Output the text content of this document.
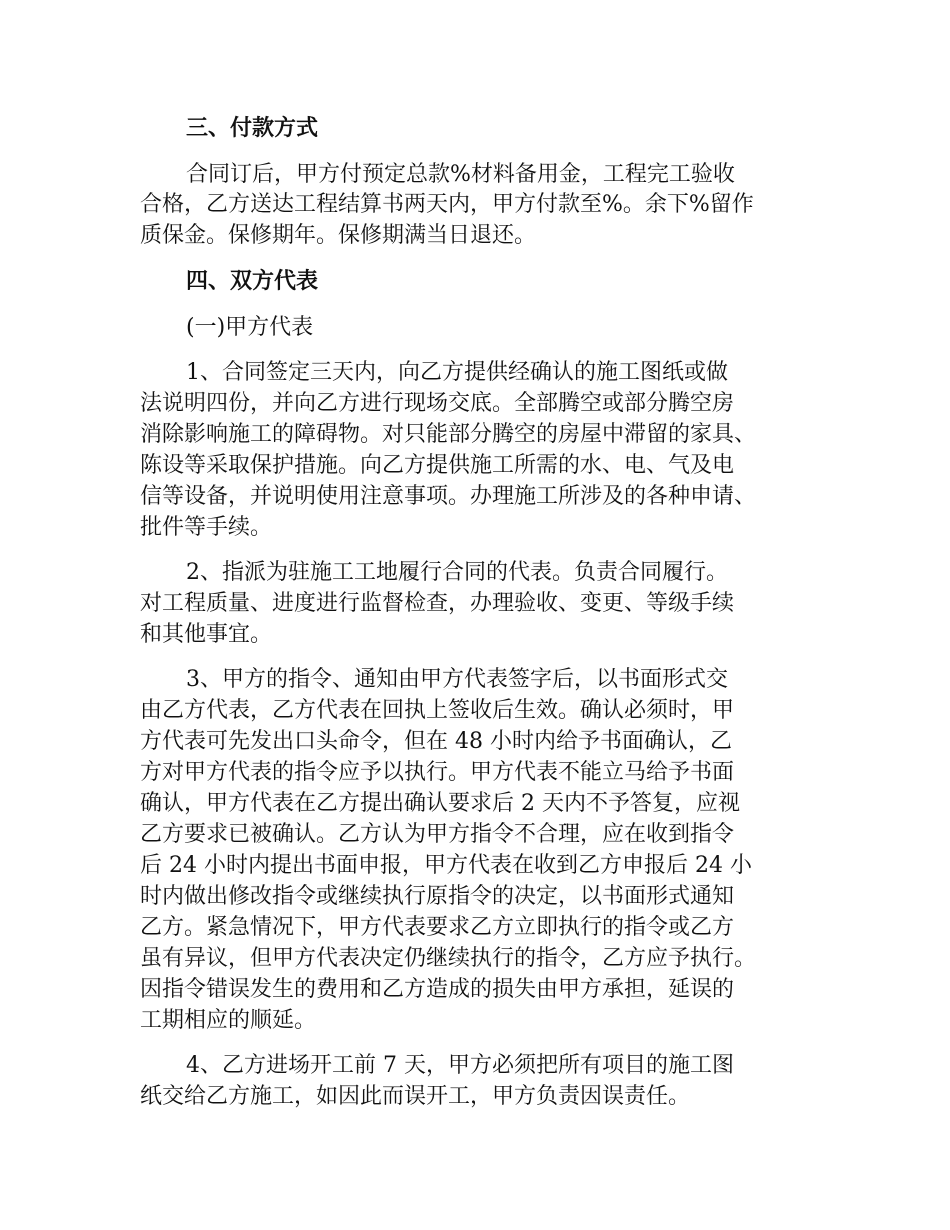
三、付款方式
合同订后，甲方付预定总款%材料备用金，工程完工验收
合格，乙方送达工程结算书两天内，甲方付款至%。余下%留作
质保金。保修期年。保修期满当日退还。
四、双方代表
(一)甲方代表
1、合同签定三天内，向乙方提供经确认的施工图纸或做
法说明四份，并向乙方进行现场交底。全部腾空或部分腾空房
消除影响施工的障碍物。对只能部分腾空的房屋中滞留的家具、
陈设等采取保护措施。向乙方提供施工所需的水、电、气及电
信等设备，并说明使用注意事项。办理施工所涉及的各种申请、
批件等手续。
2、指派为驻施工工地履行合同的代表。负责合同履行。
对工程质量、进度进行监督检查，办理验收、变更、等级手续
和其他事宜。
3、甲方的指令、通知由甲方代表签字后，以书面形式交
由乙方代表，乙方代表在回执上签收后生效。确认必须时，甲
方代表可先发出口头命令，但在 48 小时内给予书面确认，乙
方对甲方代表的指令应予以执行。甲方代表不能立马给予书面
确认，甲方代表在乙方提出确认要求后 2 天内不予答复，应视
乙方要求已被确认。乙方认为甲方指令不合理，应在收到指令
后 24 小时内提出书面申报，甲方代表在收到乙方申报后 24 小
时内做出修改指令或继续执行原指令的决定，以书面形式通知
乙方。紧急情况下，甲方代表要求乙方立即执行的指令或乙方
虽有异议，但甲方代表决定仍继续执行的指令，乙方应予执行。
因指令错误发生的费用和乙方造成的损失由甲方承担，延误的
工期相应的顺延。
4、乙方进场开工前 7 天，甲方必须把所有项目的施工图
纸交给乙方施工，如因此而误开工，甲方负责因误责任。
